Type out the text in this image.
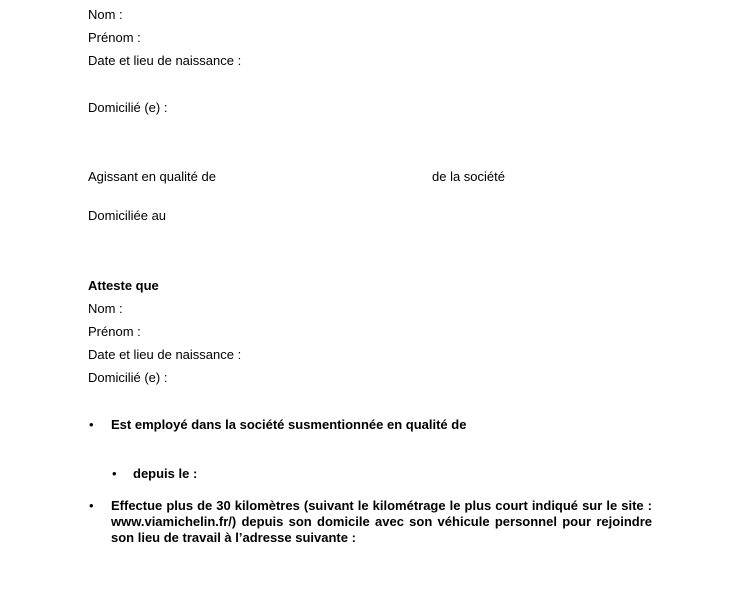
Nom :
Prénom :
Date et lieu de naissance :
Domicilié (e) :
Agissant en qualité de	de la société
Domiciliée au
Atteste que
Nom :
Prénom :
Date et lieu de naissance :
Domicilié (e) :
• Est employé dans la société susmentionnée en qualité de
• depuis le :
• Effectue plus de 30 kilomètres (suivant le kilométrage le plus court indiqué sur le site : www.viamichelin.fr/) depuis son domicile avec son véhicule personnel pour rejoindre son lieu de travail à l’adresse suivante :
